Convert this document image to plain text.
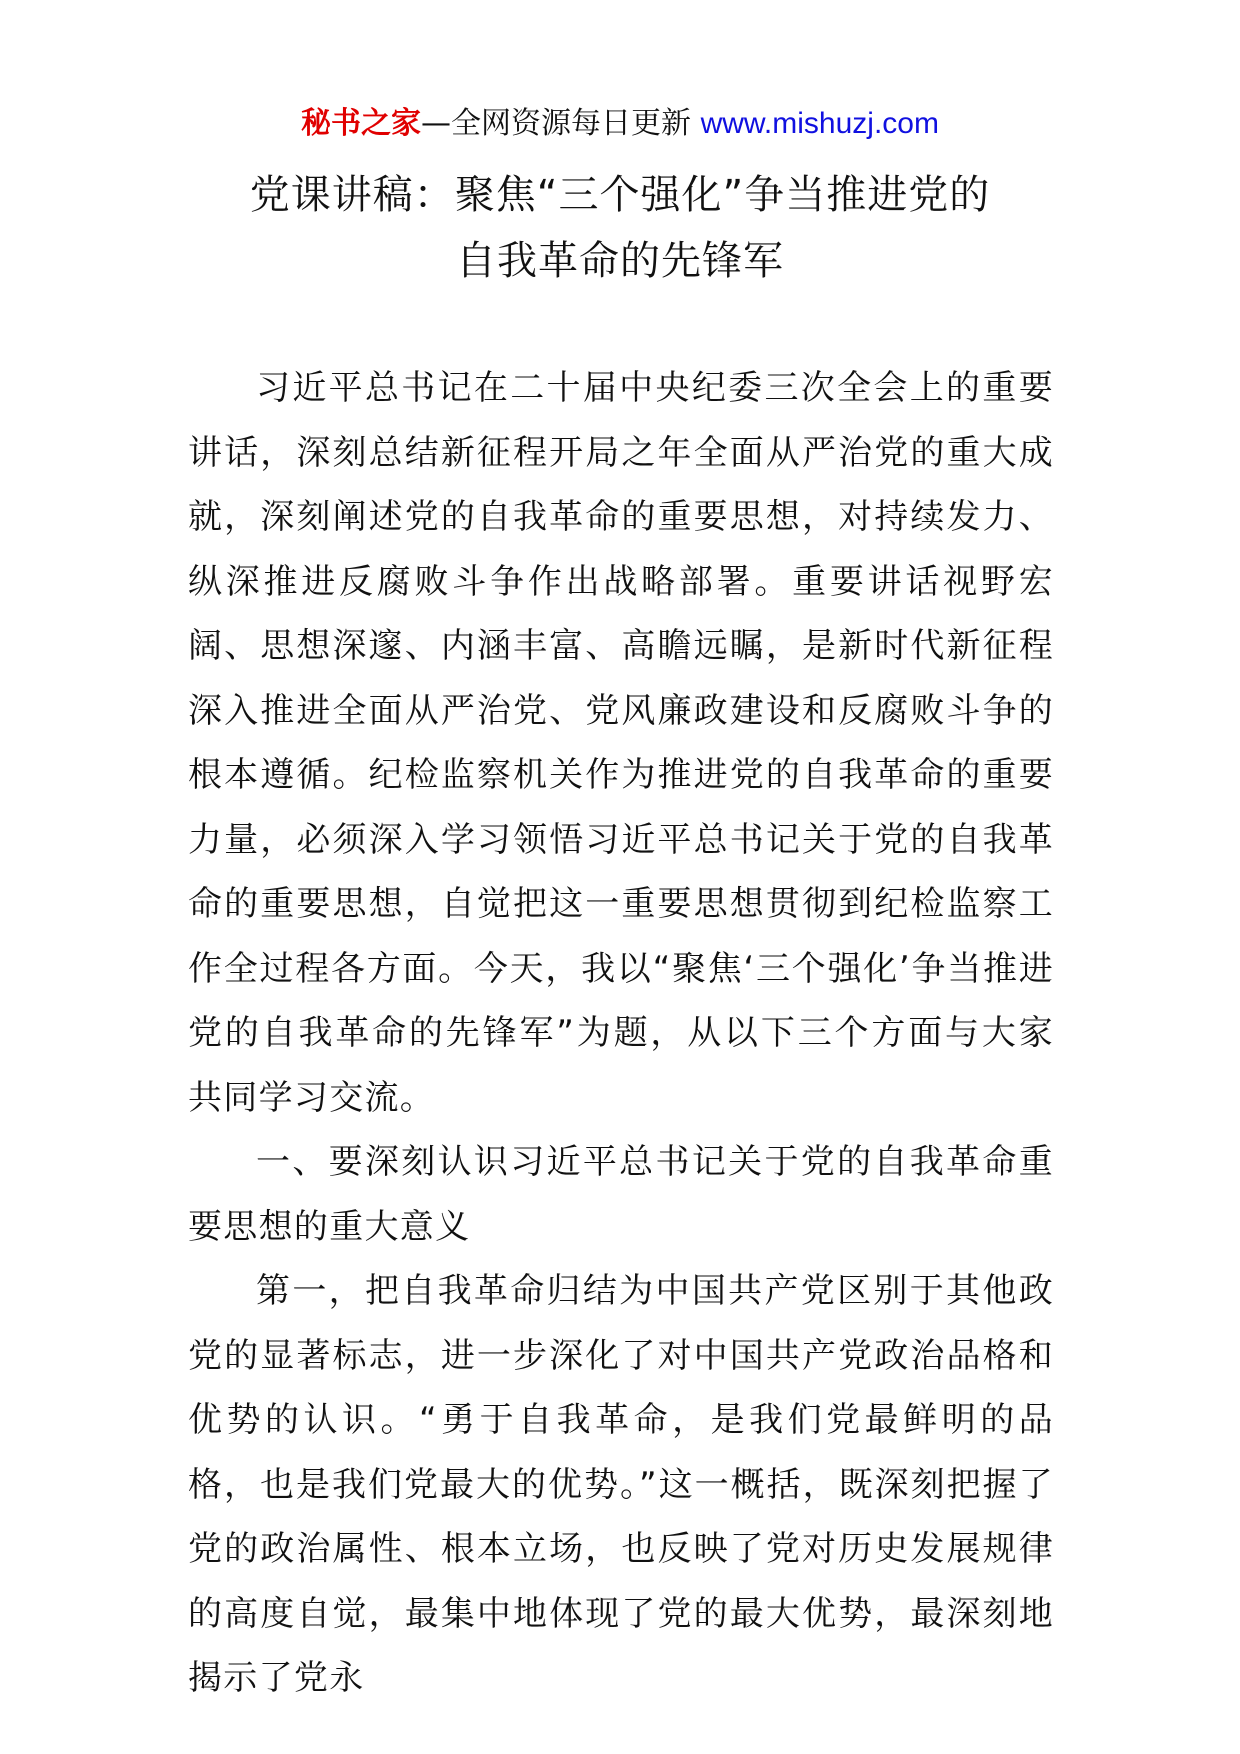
秘书之家—全网资源每日更新 www.mishuzj.com
党课讲稿：聚焦“三个强化”争当推进党的
自我革命的先锋军

习近平总书记在二十届中央纪委三次全会上的重要讲话，深刻总结新征程开局之年全面从严治党的重大成就，深刻阐述党的自我革命的重要思想，对持续发力、纵深推进反腐败斗争作出战略部署。重要讲话视野宏阔、思想深邃、内涵丰富、高瞻远瞩，是新时代新征程深入推进全面从严治党、党风廉政建设和反腐败斗争的根本遵循。纪检监察机关作为推进党的自我革命的重要力量，必须深入学习领悟习近平总书记关于党的自我革命的重要思想，自觉把这一重要思想贯彻到纪检监察工作全过程各方面。今天，我以“聚焦‘三个强化’争当推进党的自我革命的先锋军”为题，从以下三个方面与大家共同学习交流。

一、要深刻认识习近平总书记关于党的自我革命重要思想的重大意义

第一，把自我革命归结为中国共产党区别于其他政党的显著标志，进一步深化了对中国共产党政治品格和优势的认识。“勇于自我革命，是我们党最鲜明的品格，也是我们党最大的优势。”这一概括，既深刻把握了党的政治属性、根本立场，也反映了党对历史发展规律的高度自觉，最集中地体现了党的最大优势，最深刻地揭示了党永
